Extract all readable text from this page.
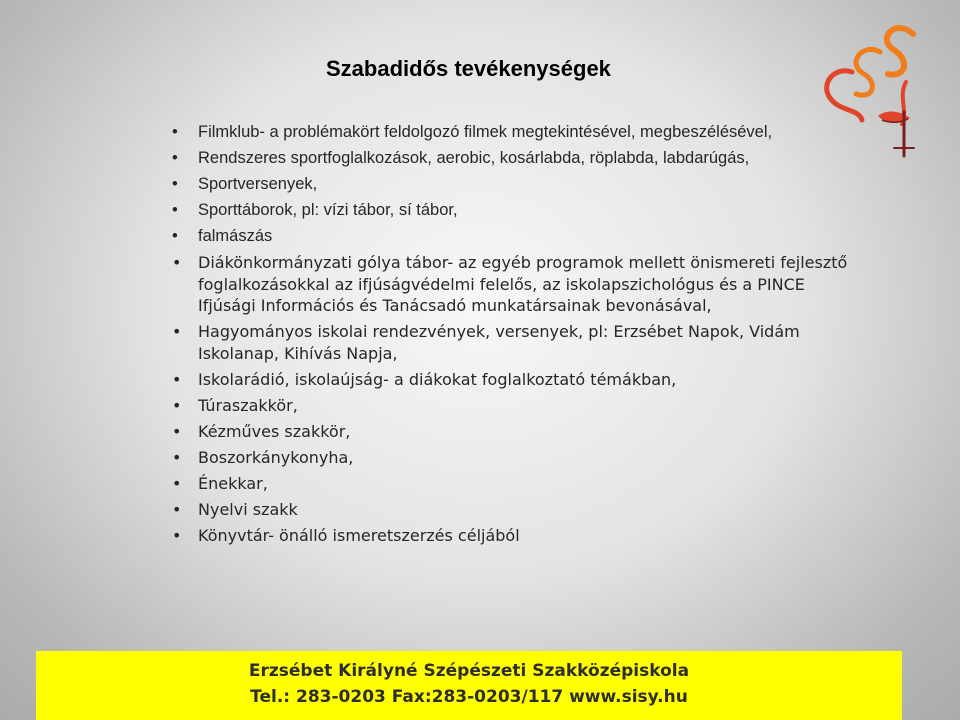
Szabadidős tevékenységek
• Filmklub- a problémakört feldolgozó filmek megtekintésével, megbeszélésével,
• Rendszeres sportfoglalkozások, aerobic, kosárlabda, röplabda, labdarúgás,
• Sportversenyek,
• Sporttáborok, pl: vízi tábor, sí tábor,
• falmászás
• Diákönkormányzati gólya tábor- az egyéb programok mellett önismereti fejlesztő foglalkozásokkal az ifjúságvédelmi felelős, az iskolapszichológus és a PINCE Ifjúsági Információs és Tanácsadó munkatársainak bevonásával,
• Hagyományos iskolai rendezvények, versenyek, pl: Erzsébet Napok, Vidám Iskolanap, Kihívás Napja,
• Iskolarádió, iskolaújság- a diákokat foglalkoztató témákban,
• Túraszakkör,
• Kézműves szakkör,
• Boszorkánykonyha,
• Énekkar,
• Nyelvi szakk
• Könyvtár- önálló ismeretszerzés céljából
Erzsébet Királyné Szépészeti Szakközépiskola
Tel.: 283-0203 Fax:283-0203/117 www.sisy.hu
